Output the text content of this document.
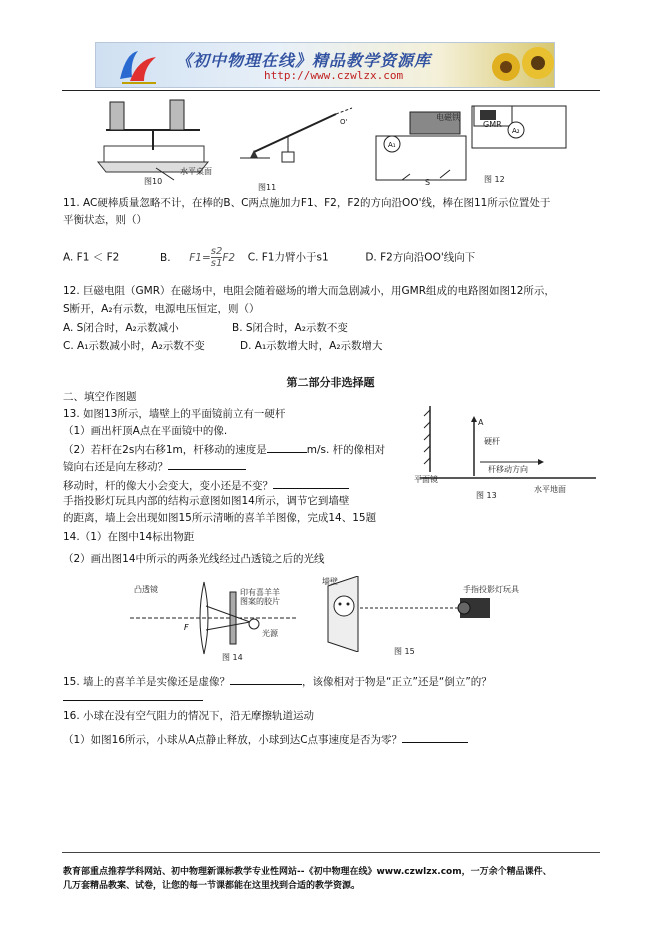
《初中物理在线》精品教学资源库
http://www.czwlzx.com
图10
水平桌面
O'
图11
A₁
A₂
电磁铁
GMR
S	图 12
11. AC硬棒质量忽略不计，在棒的B、C两点施加力F1、F2，F2的方向沿OO'线，棒在图11所示位置处于
平衡状态，则（）
A. F1 ＜ F2	B. $F1= \frac{s2}{s1} F2$ C. F1力臂小于s1	D. F2方向沿OO'线向下
12. 巨磁电阻（GMR）在磁场中，电阻会随着磁场的增大而急剧减小，用GMR组成的电路图如图12所示，
S断开，A₂有示数，电源电压恒定，则（）
A. S闭合时，A₂示数减小	B. S闭合时，A₂示数不变
C. A₁示数减小时，A₂示数不变	D. A₁示数增大时，A₂示数增大
第二部分非选择题
二、填空作图题
13. 如图13所示，墙壁上的平面镜前立有一硬杆
（1）画出杆顶A点在平面镜中的像.
（2）若杆在2s内右移1m，杆移动的速度是	m/s. 杆的像相对
镜向右还是向左移动？
移动时，杆的像大小会变大，变小还是不变？
手指投影灯玩具内部的结构示意图如图14所示，调节它到墙壁
的距离，墙上会出现如图15所示清晰的喜羊羊图像，完成14、15题
A
硬杆
杆移动方向
平面镜
图 13
水平地面
14.（1）在图中14标出物距
（2）画出图14中所示的两条光线经过凸透镜之后的光线
F
凸透镜	印有喜羊羊图案的胶片
光源
图 14
墙壁
手指投影灯玩具
图 15
15. 墙上的喜羊羊是实像还是虚像？	，该像相对于物是“正立”还是“倒立”的？
16. 小球在没有空气阻力的情况下，沿无摩擦轨道运动
（1）如图16所示，小球从A点静止释放，小球到达C点事速度是否为零？
教育部重点推荐学科网站、初中物理新课标教学专业性网站--《初中物理在线》www.czwlzx.com，一万余个精品课件、
几万套精品教案、试卷，让您的每一节课都能在这里找到合适的教学资源。
